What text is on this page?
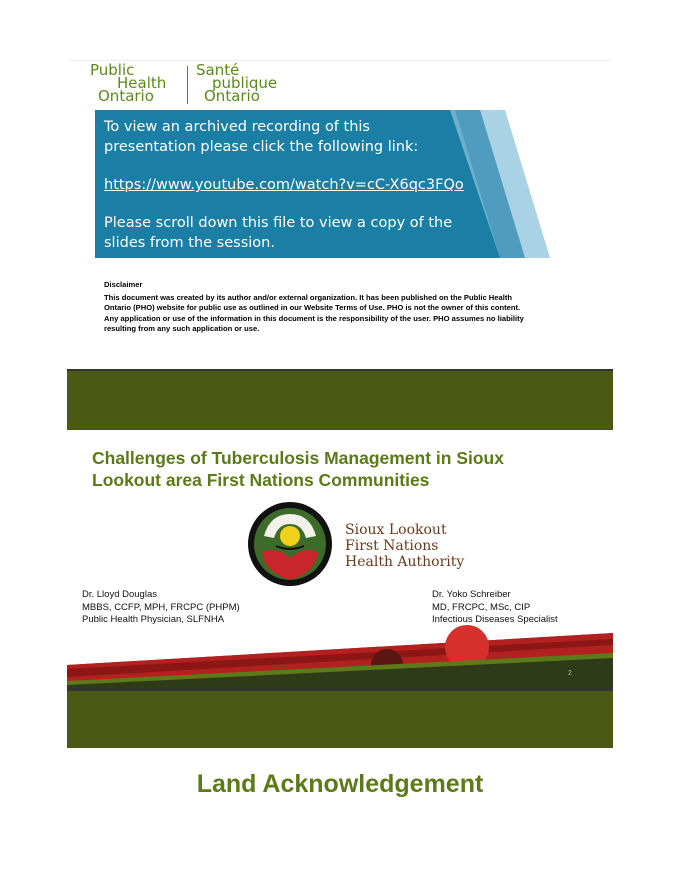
Public
Health
Ontario
Santé
publique
Ontario

To view an archived recording of this presentation please click the following link:

https://www.youtube.com/watch?v=cC-X6qc3FQo

Please scroll down this file to view a copy of the slides from the session.

Disclaimer
This document was created by its author and/or external organization. It has been published on the Public Health Ontario (PHO) website for public use as outlined in our Website Terms of Use. PHO is not the owner of this content. Any application or use of the information in this document is the responsibility of the user. PHO assumes no liability resulting from any such application or use.
Challenges of Tuberculosis Management in Sioux Lookout area First Nations Communities
Sioux Lookout
First Nations
Health Authority
Dr. Lloyd Douglas
MBBS, CCFP, MPH, FRCPC (PHPM)
Public Health Physician, SLFNHA
Dr. Yoko Schreiber
MD, FRCPC, MSc, CIP
Infectious Diseases Specialist
2
Land Acknowledgement
